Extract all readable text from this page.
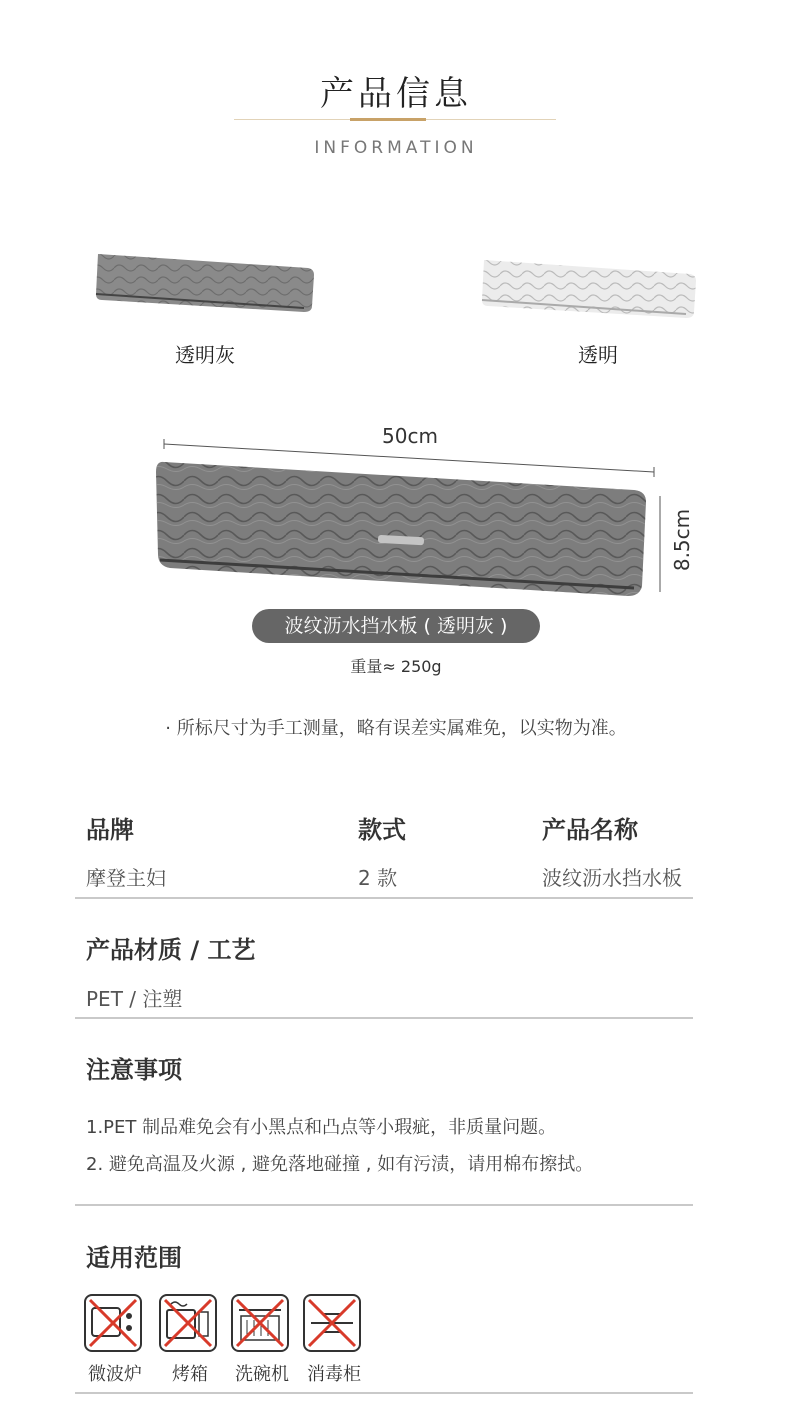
产品信息
INFORMATION
透明灰	透明
50cm
8.5cm
波纹沥水挡水板 ( 透明灰 )
重量≈ 250g
· 所标尺寸为手工测量，略有误差实属难免，以实物为准。
品牌	款式	产品名称
摩登主妇	2 款	波纹沥水挡水板
产品材质 / 工艺
PET / 注塑
注意事项
1.PET 制品难免会有小黑点和凸点等小瑕疵，非质量问题。
2. 避免高温及火源 , 避免落地碰撞 , 如有污渍，请用棉布擦拭。
适用范围
微波炉	烤箱	洗碗机 消毒柜
